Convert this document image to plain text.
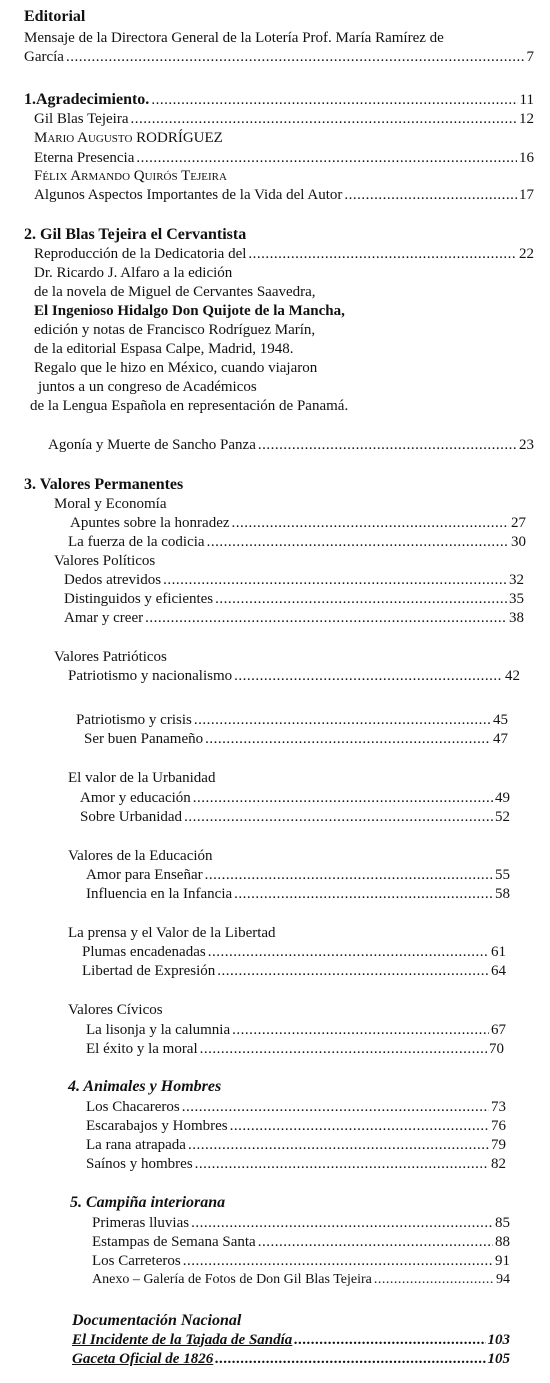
Editorial
Mensaje de la Directora General de la Lotería Prof. María Ramírez de
García .....	7
1.Agradecimiento. .....	11
Gil Blas Tejeira .....	12
Mario Augusto RODRÍGUEZ
Eterna Presencia .....	16
Félix Armando Quirós Tejeira
Algunos Aspectos Importantes de la Vida del Autor .....	17
2. Gil Blas Tejeira el Cervantista
Reproducción de la Dedicatoria del .....	22
Dr. Ricardo J. Alfaro a la edición
de la novela de Miguel de Cervantes Saavedra,
El Ingenioso Hidalgo Don Quijote de la Mancha,
edición y notas de Francisco Rodríguez Marín,
de la editorial Espasa Calpe, Madrid, 1948.
Regalo que le hizo en México, cuando viajaron
juntos a un congreso de Académicos
de la Lengua Española en representación de Panamá.
Agonía y Muerte de Sancho Panza .....	23
3. Valores Permanentes
Moral y Economía
Apuntes sobre la honradez .....	27
La fuerza de la codicia .....	30
Valores Políticos
Dedos atrevidos .....	32
Distinguidos y eficientes .....	35
Amar y creer .....	38
Valores Patrióticos
Patriotismo y nacionalismo .....	42
Patriotismo y crisis .....	45
Ser buen Panameño .....	47
El valor de la Urbanidad
Amor y educación .....	49
Sobre Urbanidad .....	52
Valores de la Educación
Amor para Enseñar .....	55
Influencia en la Infancia .....	58
La prensa y el Valor de la Libertad
Plumas encadenadas .....	61
Libertad de Expresión .....	64
Valores Cívicos
La lisonja y la calumnia .....	67
El éxito y la moral .....	70
4. Animales y Hombres
Los Chacareros .....	73
Escarabajos y Hombres .....	76
La rana atrapada .....	79
Saínos y hombres .....	82
5. Campiña interiorana
Primeras lluvias .....	85
Estampas de Semana Santa .....	88
Los Carreteros .....	91
Anexo – Galería de Fotos de Don Gil Blas Tejeira .....	94
Documentación Nacional
El Incidente de la Tajada de Sandía .....	103
Gaceta Oficial de 1826 .....	105
